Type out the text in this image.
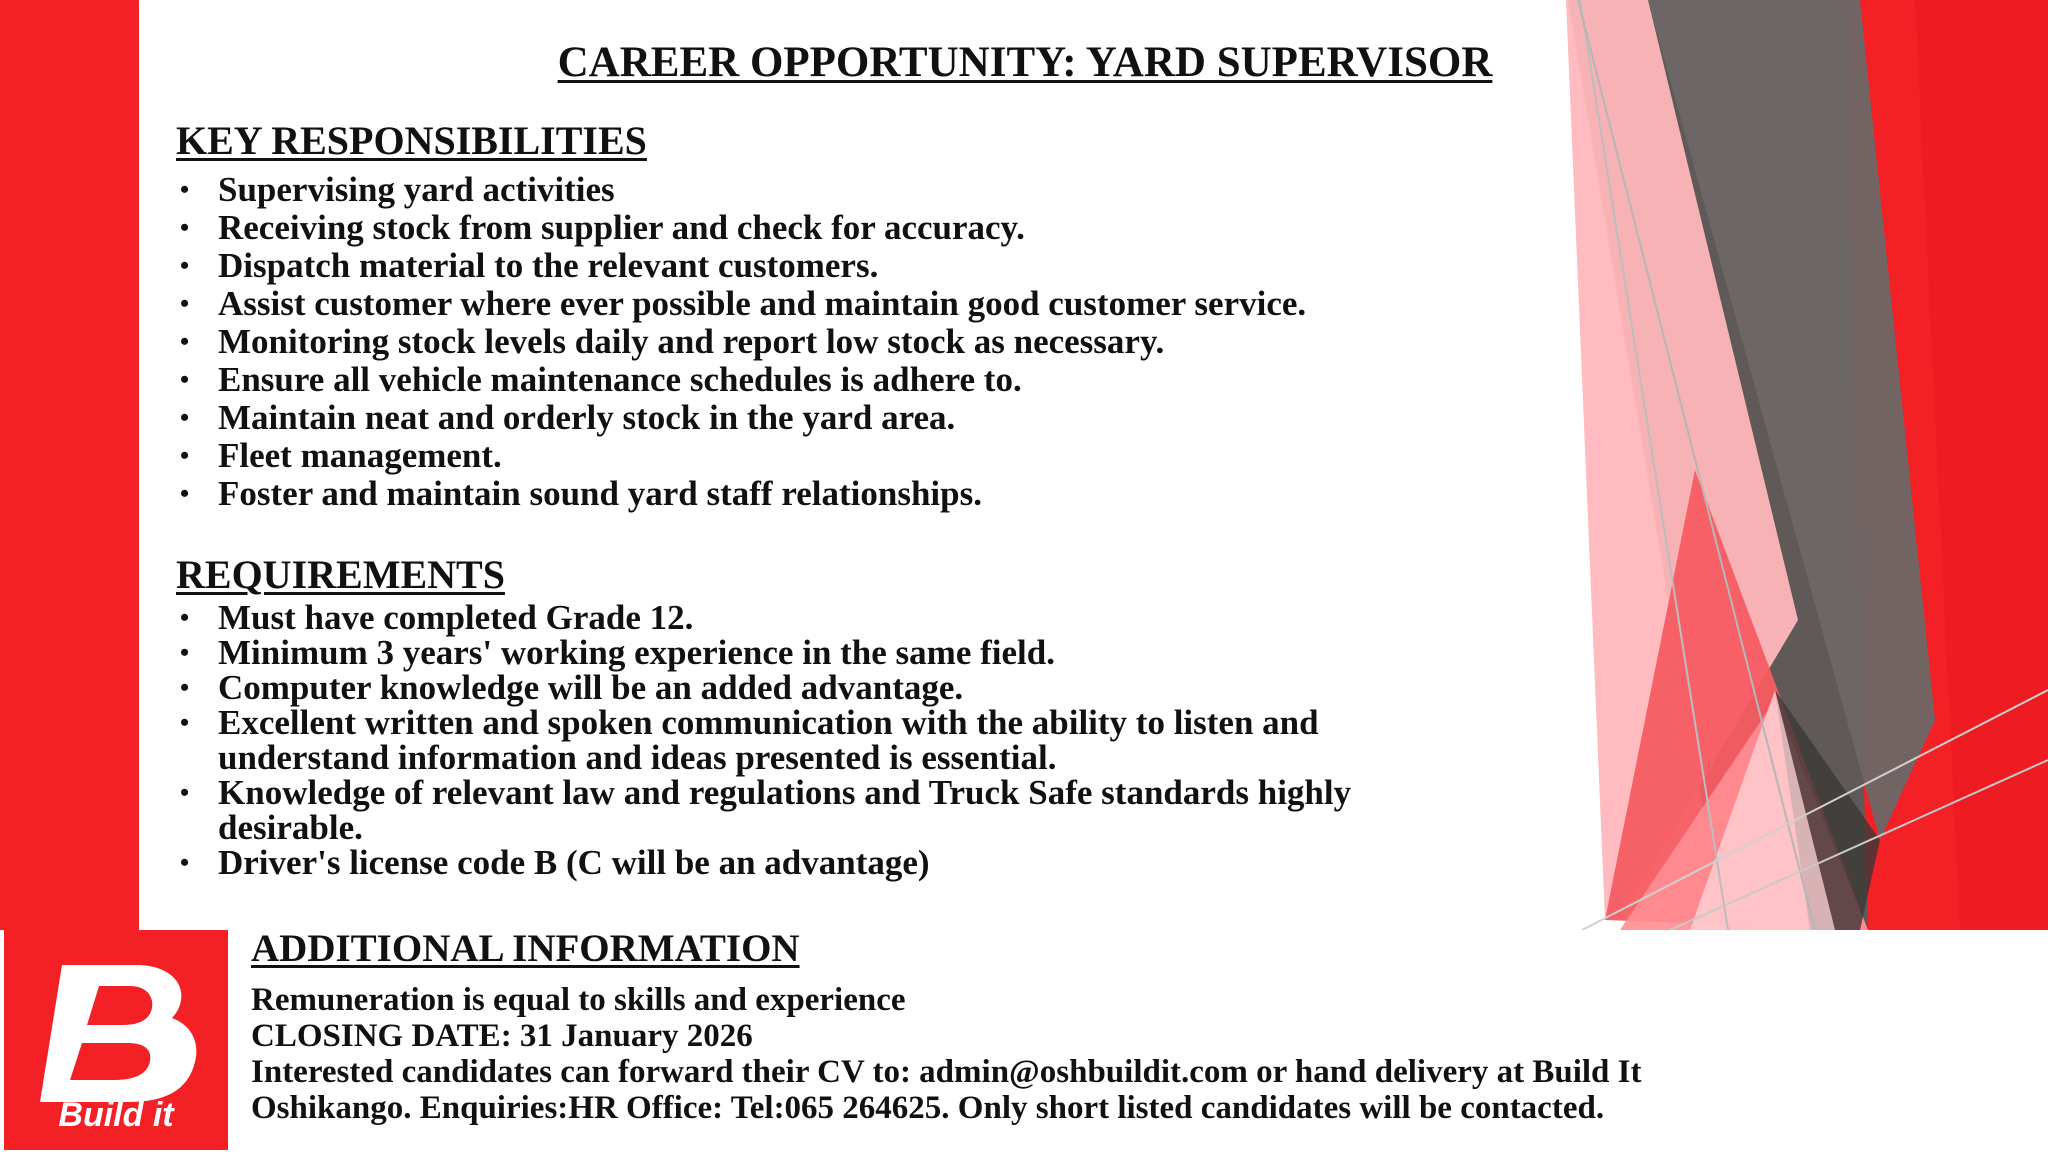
CAREER OPPORTUNITY: YARD SUPERVISOR
KEY RESPONSIBILITIES
• Supervising yard activities
• Receiving stock from supplier and check for accuracy.
• Dispatch material to the relevant customers.
• Assist customer where ever possible and maintain good customer service.
• Monitoring stock levels daily and report low stock as necessary.
• Ensure all vehicle maintenance schedules is adhere to.
• Maintain neat and orderly stock in the yard area.
• Fleet management.
• Foster and maintain sound yard staff relationships.
REQUIREMENTS
• Must have completed Grade 12.
• Minimum 3 years' working experience in the same field.
• Computer knowledge will be an added advantage.
• Excellent written and spoken communication with the ability to listen and
understand information and ideas presented is essential.
• Knowledge of relevant law and regulations and Truck Safe standards highly
desirable.
• Driver's license code B (C will be an advantage)
Build it
ADDITIONAL INFORMATION
Remuneration is equal to skills and experience
CLOSING DATE: 31 January 2026
Interested candidates can forward their CV to: admin@oshbuildit.com or hand delivery at Build It
Oshikango. Enquiries:HR Office: Tel:065 264625. Only short listed candidates will be contacted.
